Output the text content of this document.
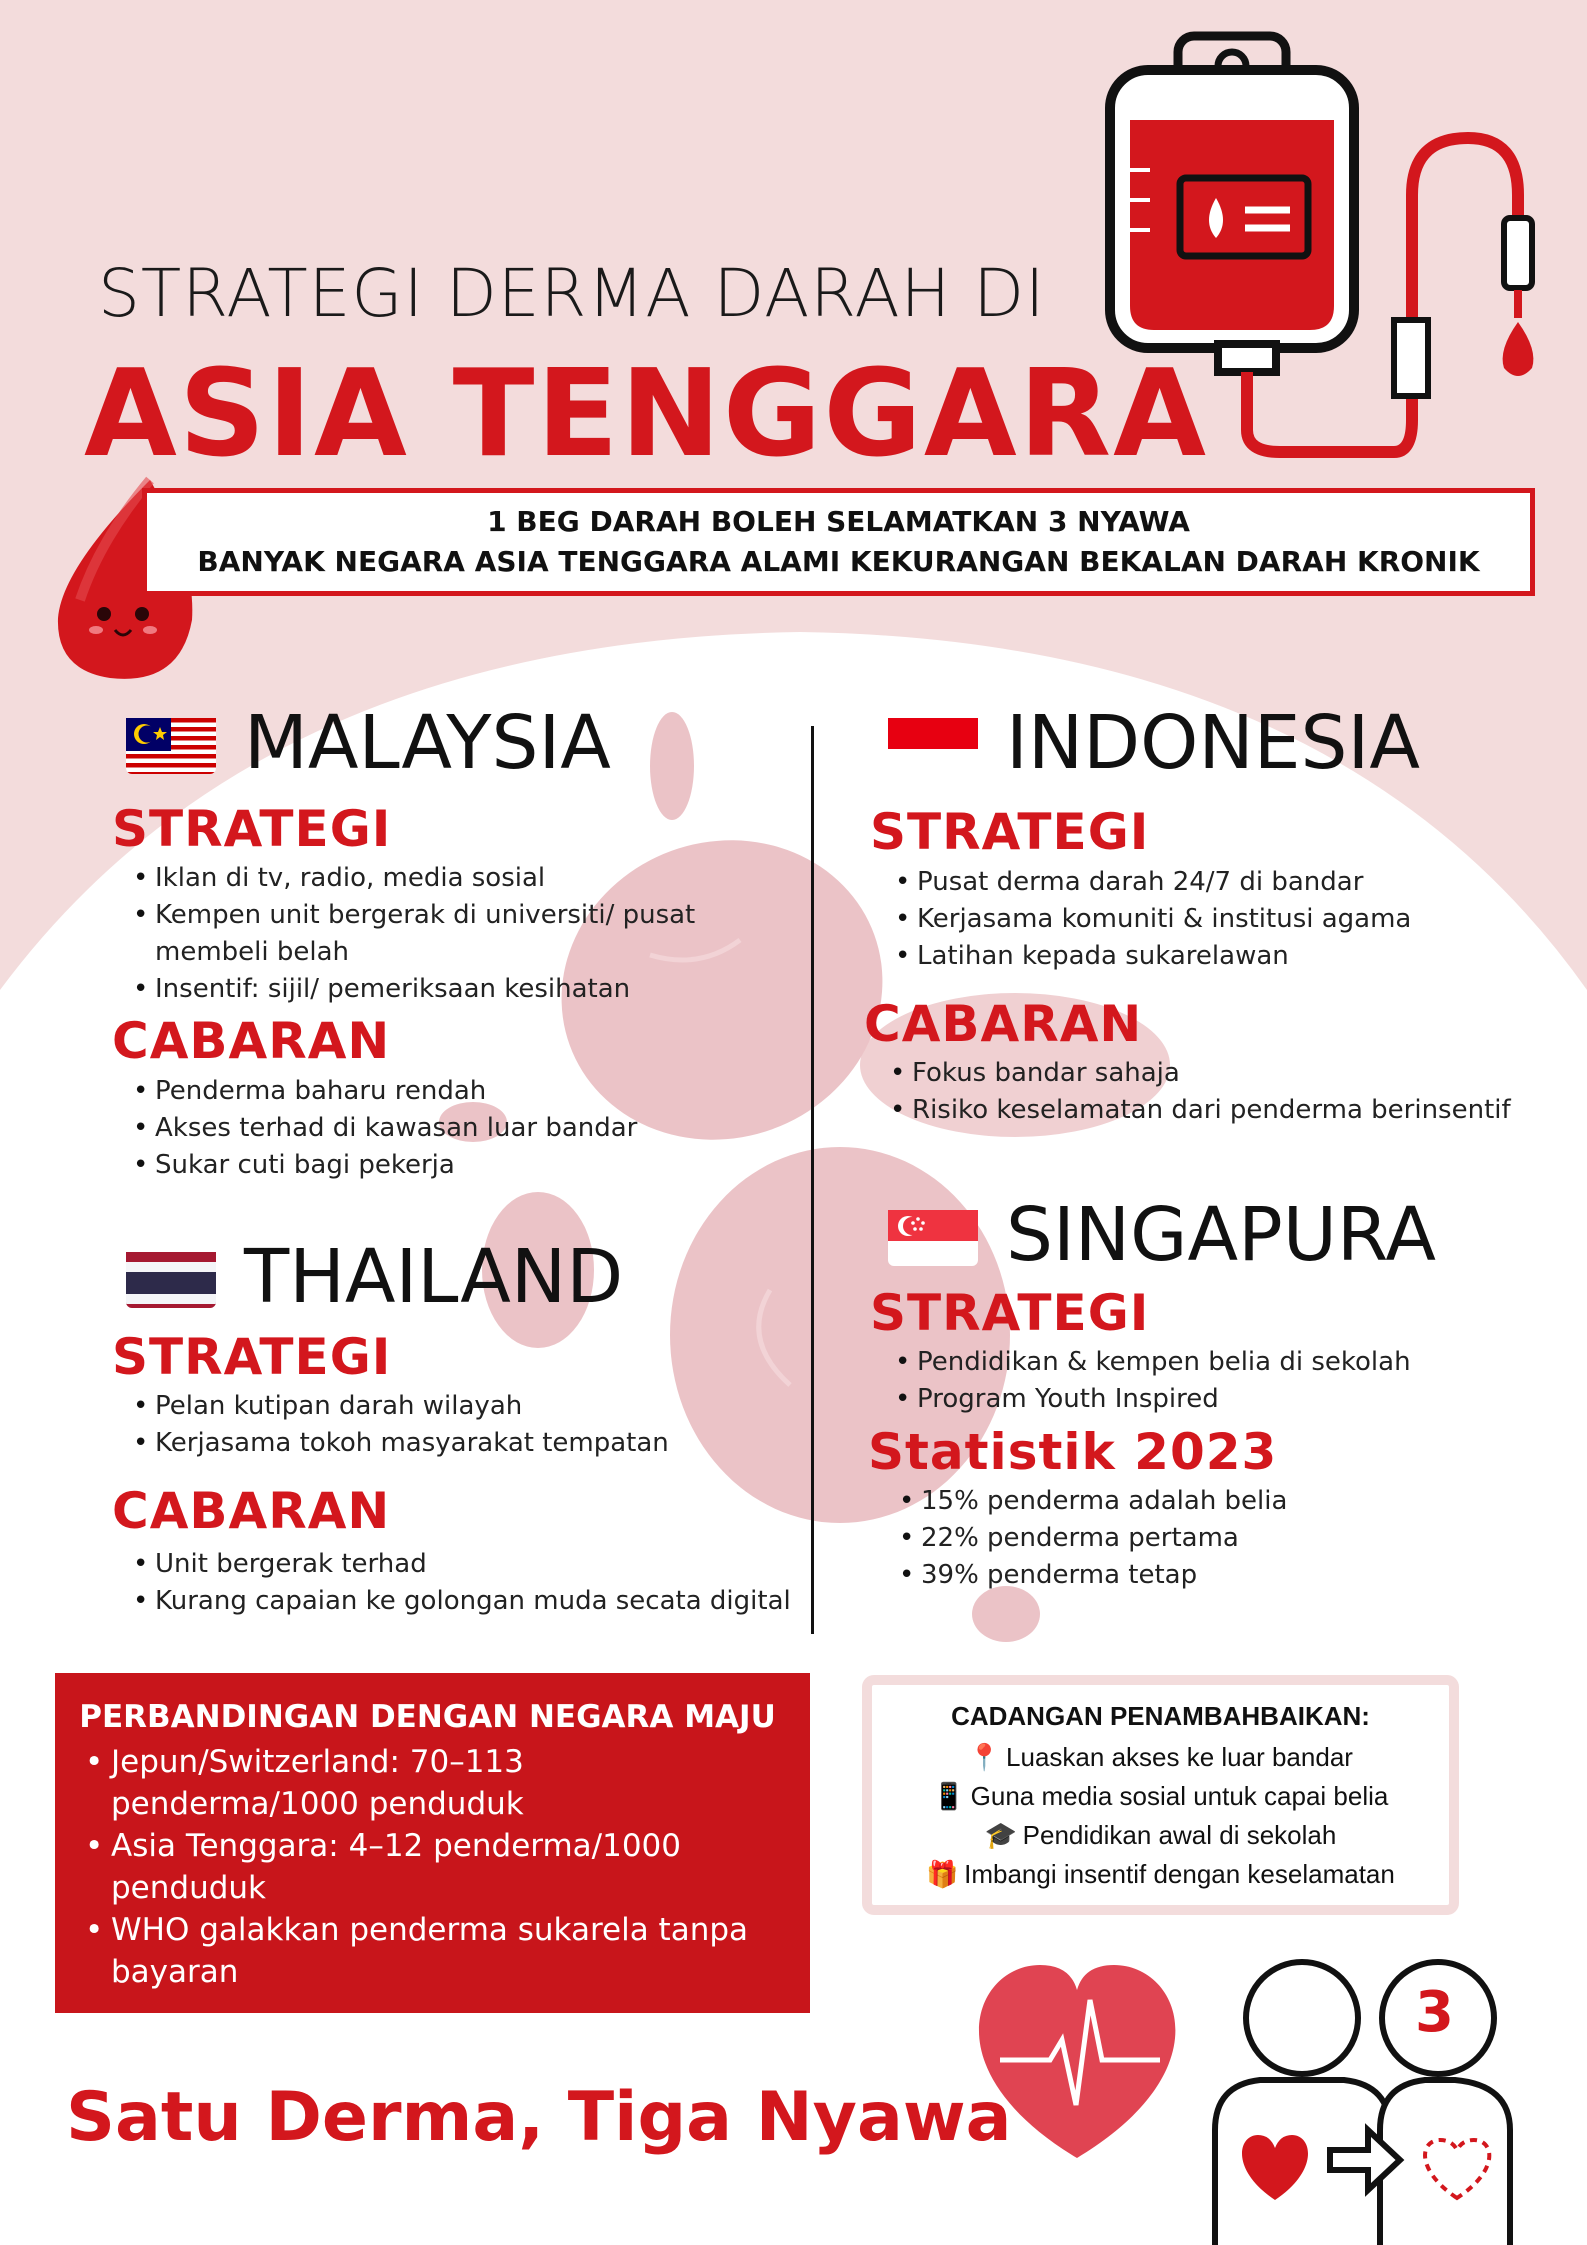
3
STRATEGI DERMA DARAH DI
ASIA TENGGARA
1 BEG DARAH BOLEH SELAMATKAN 3 NYAWA
BANYAK NEGARA ASIA TENGGARA ALAMI KEKURANGAN BEKALAN DARAH KRONIK
MALAYSIA
STRATEGI
• Iklan di tv, radio, media sosial
• Kempen unit bergerak di universiti/ pusat membeli belah
• Insentif: sijil/ pemeriksaan kesihatan
CABARAN
• Penderma baharu rendah
• Akses terhad di kawasan luar bandar
• Sukar cuti bagi pekerja
THAILAND
STRATEGI
• Pelan kutipan darah wilayah
• Kerjasama tokoh masyarakat tempatan
CABARAN
• Unit bergerak terhad
• Kurang capaian ke golongan muda secata digital
INDONESIA
STRATEGI
• Pusat derma darah 24/7 di bandar
• Kerjasama komuniti & institusi agama
• Latihan kepada sukarelawan
CABARAN
• Fokus bandar sahaja
• Risiko keselamatan dari penderma berinsentif
SINGAPURA
STRATEGI
• Pendidikan & kempen belia di sekolah
• Program Youth Inspired
Statistik 2023
• 15% penderma adalah belia
• 22% penderma pertama
• 39% penderma tetap
PERBANDINGAN DENGAN NEGARA MAJU
• Jepun/Switzerland: 70–113 penderma/1000 penduduk
• Asia Tenggara: 4–12 penderma/1000 penduduk
• WHO galakkan penderma sukarela tanpa bayaran
CADANGAN PENAMBAHBAIKAN:
📍 Luaskan akses ke luar bandar
📱 Guna media sosial untuk capai belia
🎓 Pendidikan awal di sekolah
🎁 Imbangi insentif dengan keselamatan
Satu Derma, Tiga Nyawa
